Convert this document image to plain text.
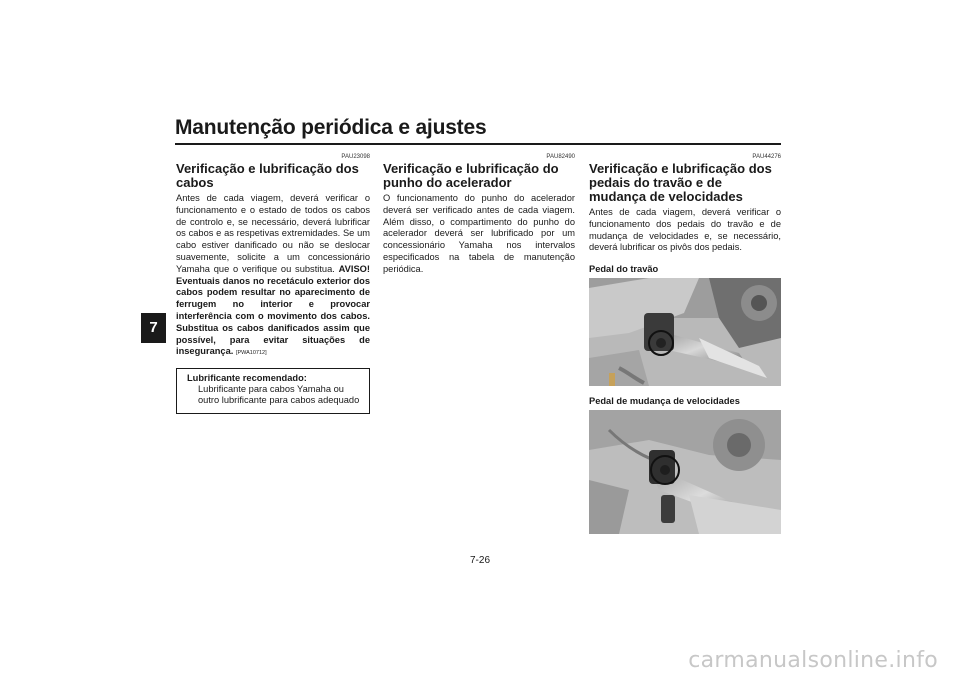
Manutenção periódica e ajustes
7
PAU23098
Verificação e lubrificação dos cabos

Antes de cada viagem, deverá verificar o funcionamento e o estado de todos os cabos de controlo e, se necessário, deverá lubrificar os cabos e as respetivas extremidades. Se um cabo estiver danificado ou não se deslocar suavemente, solicite a um concessionário Yamaha que o verifique ou substitua. AVISO! Eventuais danos no recetáculo exterior dos cabos podem resultar no aparecimento de ferrugem no interior e provocar interferência com o movimento dos cabos. Substitua os cabos danificados assim que possível, para evitar situações de insegurança. [PWA10712]

Lubrificante recomendado:
Lubrificante para cabos Yamaha ou outro lubrificante para cabos adequado
PAU82490
Verificação e lubrificação do punho do acelerador

O funcionamento do punho do acelerador deverá ser verificado antes de cada viagem. Além disso, o compartimento do punho do acelerador deverá ser lubrificado por um concessionário Yamaha nos intervalos especificados na tabela de manutenção periódica.

PAU44276
Verificação e lubrificação dos pedais do travão e de mudança de velocidades

Antes de cada viagem, deverá verificar o funcionamento dos pedais do travão e de mudança de velocidades e, se necessário, deverá lubrificar os pivôs dos pedais.

Pedal do travão
Pedal de mudança de velocidades
7-26
carmanualsonline.info
